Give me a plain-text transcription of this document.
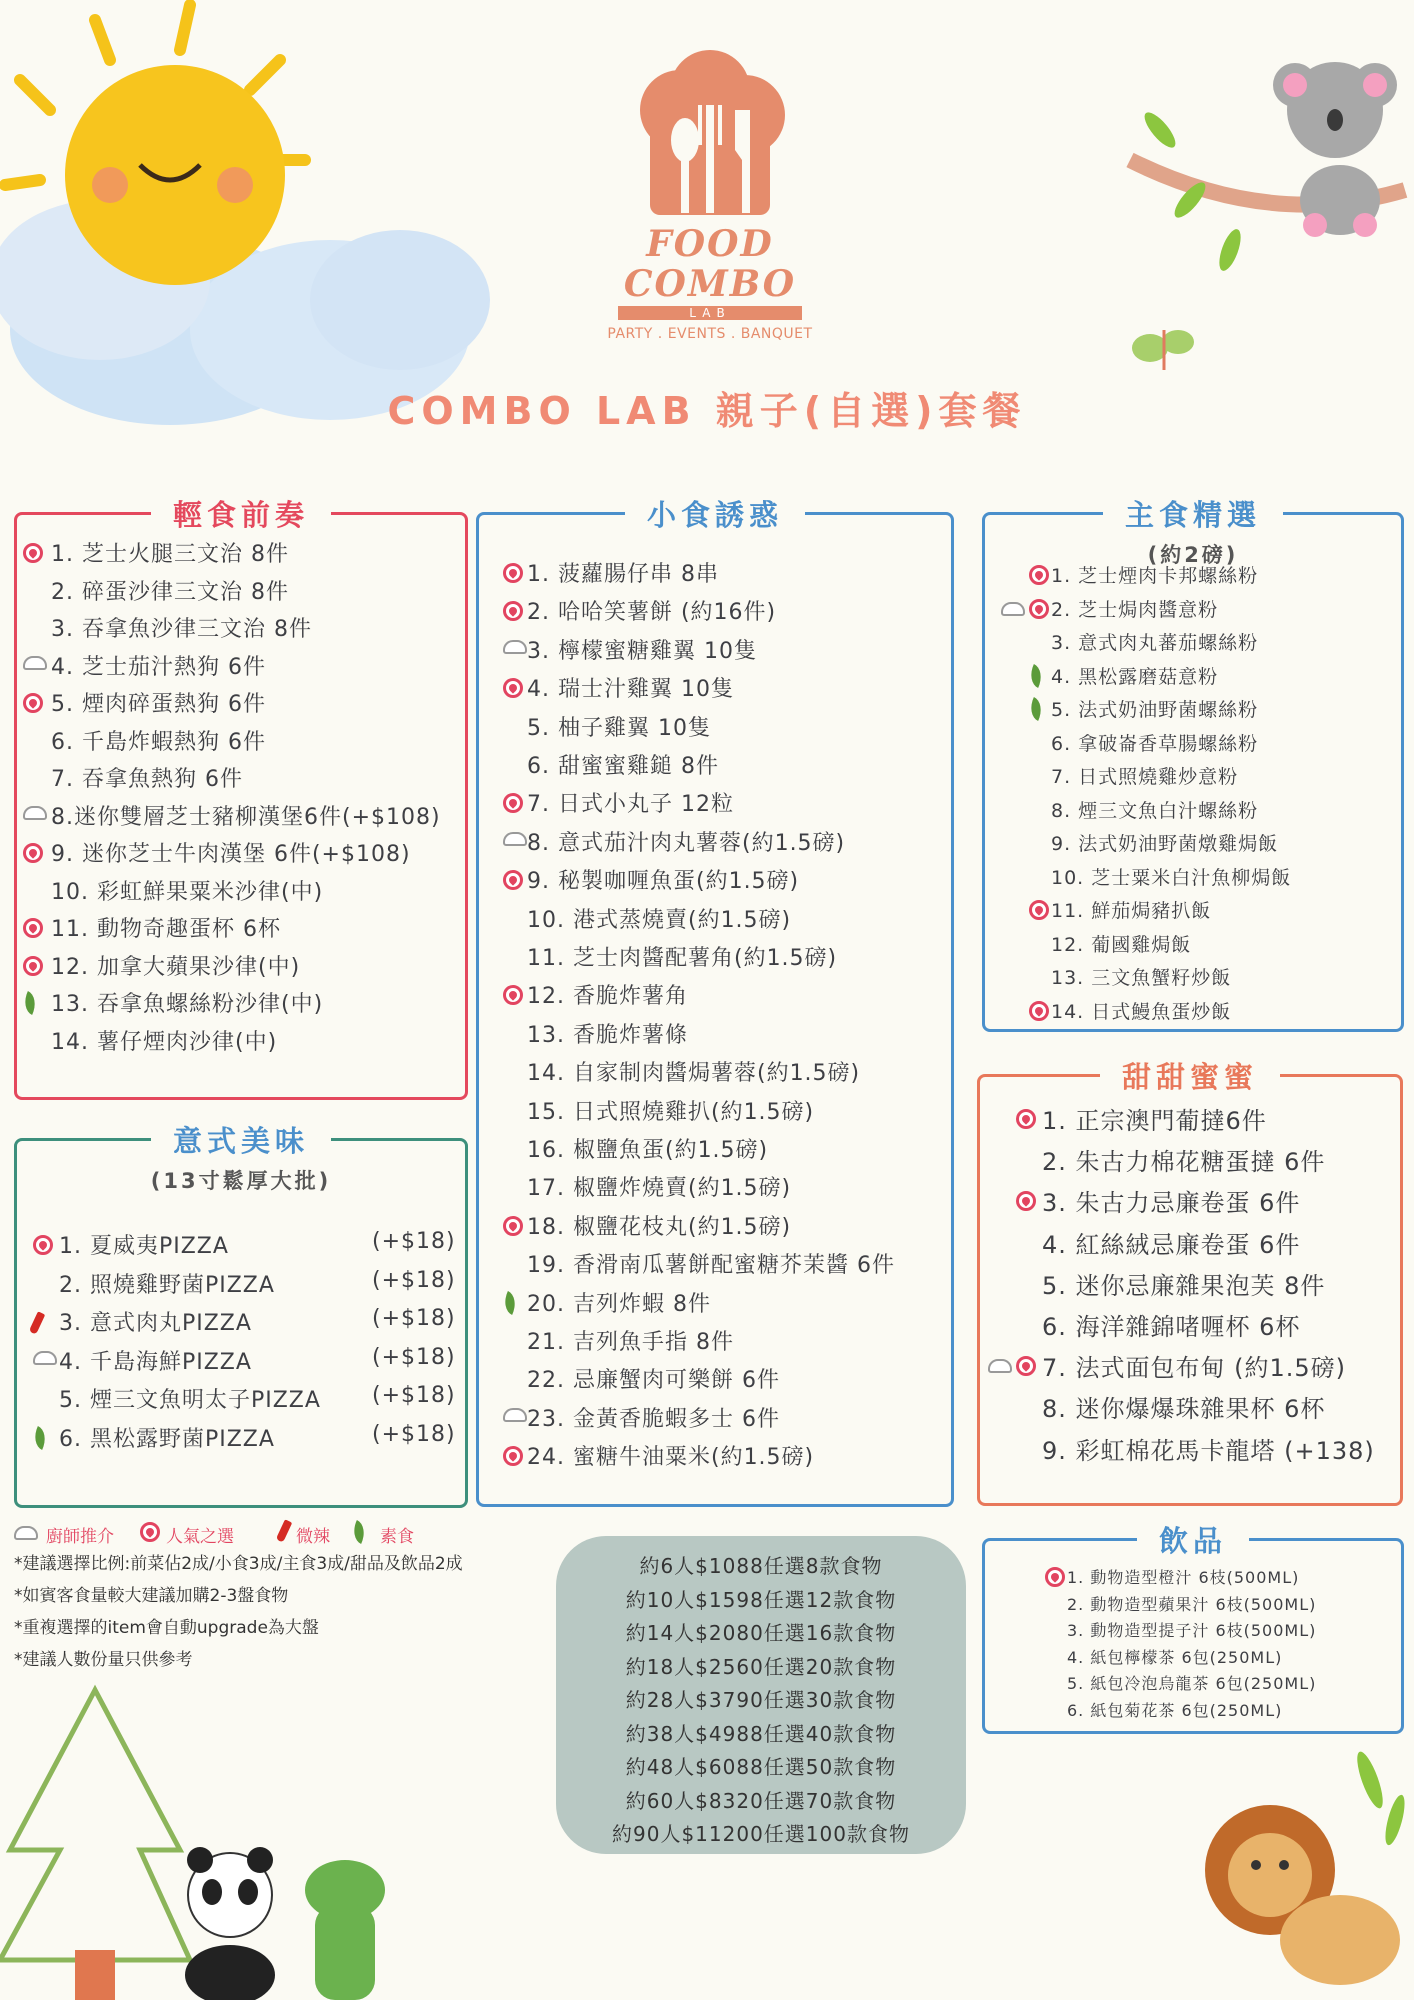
FOOD
COMBO
LAB
PARTY . EVENTS . BANQUET
COMBO LAB 親子(自選)套餐
輕食前奏
1. 芝士火腿三文治 8件
2. 碎蛋沙律三文治 8件
3. 吞拿魚沙律三文治 8件
4. 芝士茄汁熱狗 6件
5. 煙肉碎蛋熱狗 6件
6. 千島炸蝦熱狗 6件
7. 吞拿魚熱狗 6件
8.迷你雙層芝士豬柳漢堡6件(+$108)
9. 迷你芝士牛肉漢堡 6件(+$108)
10. 彩虹鮮果粟米沙律(中)
11. 動物奇趣蛋杯 6杯
12. 加拿大蘋果沙律(中)
13. 吞拿魚螺絲粉沙律(中)
14. 薯仔煙肉沙律(中)
小食誘惑
1. 菠蘿腸仔串 8串
2. 哈哈笑薯餅 (約16件)
3. 檸檬蜜糖雞翼 10隻
4. 瑞士汁雞翼 10隻
5. 柚子雞翼 10隻
6. 甜蜜蜜雞鎚 8件
7. 日式小丸子 12粒
8. 意式茄汁肉丸薯蓉(約1.5磅)
9. 秘製咖喱魚蛋(約1.5磅)
10. 港式蒸燒賣(約1.5磅)
11. 芝士肉醬配薯角(約1.5磅)
12. 香脆炸薯角
13. 香脆炸薯條
14. 自家制肉醬焗薯蓉(約1.5磅)
15. 日式照燒雞扒(約1.5磅)
16. 椒鹽魚蛋(約1.5磅)
17. 椒鹽炸燒賣(約1.5磅)
18. 椒鹽花枝丸(約1.5磅)
19. 香滑南瓜薯餅配蜜糖芥茉醬 6件
20. 吉列炸蝦 8件
21. 吉列魚手指 8件
22. 忌廉蟹肉可樂餅 6件
23. 金黃香脆蝦多士 6件
24. 蜜糖牛油粟米(約1.5磅)
主食精選
(約2磅)
1. 芝士煙肉卡邦螺絲粉
2. 芝士焗肉醬意粉
3. 意式肉丸蕃茄螺絲粉
4. 黑松露磨菇意粉
5. 法式奶油野菌螺絲粉
6. 拿破崙香草腸螺絲粉
7. 日式照燒雞炒意粉
8. 煙三文魚白汁螺絲粉
9. 法式奶油野菌燉雞焗飯
10. 芝士粟米白汁魚柳焗飯
11. 鮮茄焗豬扒飯
12. 葡國雞焗飯
13. 三文魚蟹籽炒飯
14. 日式鰻魚蛋炒飯
意式美味
(13寸鬆厚大批)
1. 夏威夷PIZZA	(+$18)
2. 照燒雞野菌PIZZA	(+$18)
3. 意式肉丸PIZZA	(+$18)
4. 千島海鮮PIZZA	(+$18)
5. 煙三文魚明太子PIZZA (+$18)
6. 黑松露野菌PIZZA	(+$18)
甜甜蜜蜜
1. 正宗澳門葡撻6件
2. 朱古力棉花糖蛋撻 6件
3. 朱古力忌廉卷蛋 6件
4. 紅絲絨忌廉卷蛋 6件
5. 迷你忌廉雜果泡芙 8件
6. 海洋雜錦啫喱杯 6杯
7. 法式面包布甸 (約1.5磅)
8. 迷你爆爆珠雜果杯 6杯
9. 彩虹棉花馬卡龍塔 (+138)
飲品
1. 動物造型橙汁 6枝(500ML)
2. 動物造型蘋果汁 6枝(500ML)
3. 動物造型提子汁 6枝(500ML)
4. 紙包檸檬茶 6包(250ML)
5. 紙包冷泡烏龍茶 6包(250ML)
6. 紙包菊花茶 6包(250ML)
廚師推介	人氣之選	微辣	素食
*建議選擇比例:前菜佔2成/小食3成/主食3成/甜品及飲品2成
*如賓客食量較大建議加購2-3盤食物
*重複選擇的item會自動upgrade為大盤
*建議人數份量只供參考
約6人$1088任選8款食物
約10人$1598任選12款食物
約14人$2080任選16款食物
約18人$2560任選20款食物
約28人$3790任選30款食物
約38人$4988任選40款食物
約48人$6088任選50款食物
約60人$8320任選70款食物
約90人$11200任選100款食物
